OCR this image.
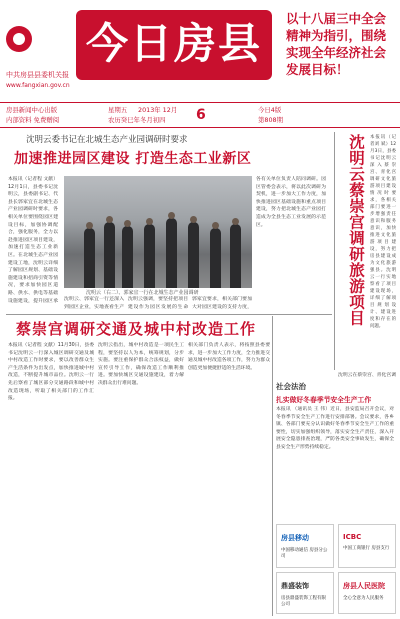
今日房县
中共房县县委机关报
www.fangxian.gov.cn
以十八届三中全会精神为指引，围绕实现全年经济社会发展目标！
房县新闻中心出版
内部资料 免费赠阅
星期五 2013年 12月
农历癸巳年冬月初四 6	今日4版
第808期
沈明云委书记在北城生态产业园调研时要求
加速推进园区建设 打造生态工业新区
本报讯（记者程 文献）12月1日，县委书记沈明云，县委副书记、代县长郭家宜在北城生态产业园调研时要求，各相关单位要围绕园区建设目标，加强协调配合，强化服务，全力以赴推进园区项目建设，加速打造生态工业新区。在北城生态产业园建设工地，沈明云详细了解园区规划、基础设施建设和招商引资等情况，要求加快园区道路、供水、供电等基础设施建设，提升园区承
沈明云（右二）、郭家宜一行在北城生态产业园调研
沈明云、郭家宜一行还深入到园区企业，实地查看生产
沈明云强调，要坚持把项目建设作为园区发展的生命
郭家宜要求，相关部门要加大对园区建设的支持力度，
各有关单位负责人陪同调研。园区管委会表示，将以此次调研为契机，进一步加大工作力度，加快推进园区基础设施和重点项目建设，努力把北城生态产业园打造成为全县生态工业发展的示范区。	沈明云蔡崇宫调研旅游项目 本报讯（记者刘 斌）12月3日，县委书记沈明云深入蔡崇宫、青化宫调研文化旅游项目建设情况时要求，各相关部门要进一步增强责任意识和服务意识，加快推进文化旅游项目建设，努力把房县建设成为文化旅游强县。沈明云一行实地察看了项目建设现场，详细了解项目规划设计、建设进度和存在的问题。
沈明云在蔡崇宫、青化宫调
蔡崇宫调研交通及城中村改造工作
本报讯（记者程 文献）11月30日，县委书记沈明云一行深入城区调研交通及城中村改造工作时要求，要以改善群众生产生活条件为出发点，加快推进城中村改造，不断提升城市品位。沈明云一行先后察看了城区部分交通路段和城中村改造现场，听取了相关部门的工作汇报。
沈明云指出，城中村改造是一项民生工程，要坚持以人为本，统筹规划，分步实施。要注重保护群众合法权益，做好宣传引导工作，确保改造工作顺利推进。要加快城区交通设施建设，着力解决群众出行难问题。
相关部门负责人表示，将按照县委要求，进一步加大工作力度，全力推进交通及城中村改造各项工作，努力为群众创造更加便捷舒适的生活环境。
社会法治
扎实做好冬春季节安全生产工作
本报讯 （通讯员 王 伟）近日，县安监局召开会议，对冬春季节安全生产工作进行安排部署。会议要求，各乡镇、各部门要充分认识做好冬春季节安全生产工作的重要性，切实加强组织领导，落实安全生产责任，深入开展安全隐患排查治理，严防各类安全事故发生，确保全县安全生产形势持续稳定。
房县移动
中国移动通信 房县分公司
ICBC
中国工商银行 房县支行
鼎盛装饰
房县鼎盛装饰工程有限公司
房县人民医院
全心全意为人民服务
